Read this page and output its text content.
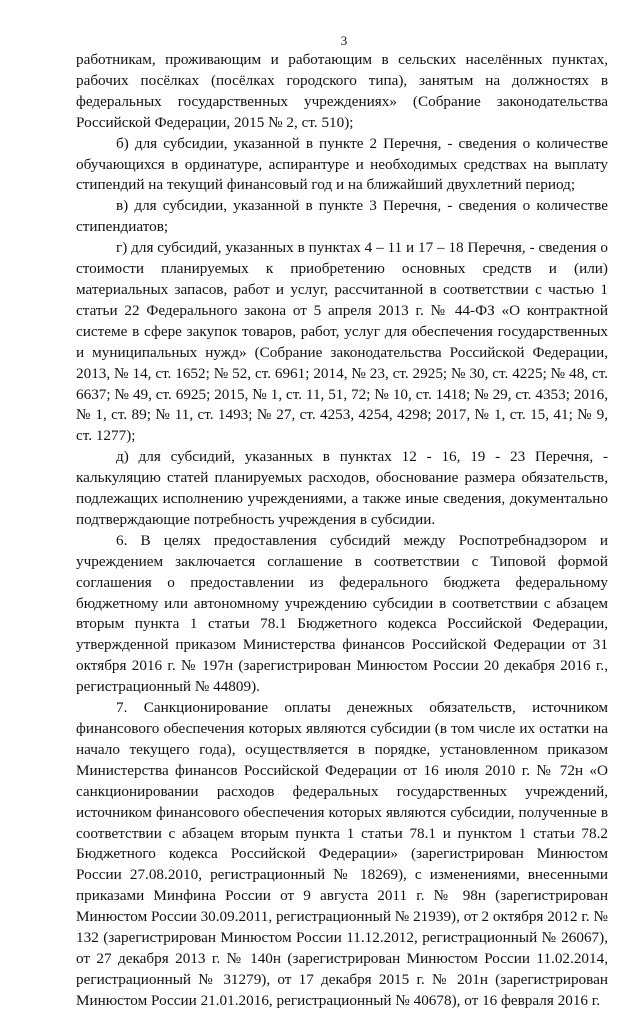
3

работникам, проживающим и работающим в сельских населённых пунктах, рабочих посёлках (посёлках городского типа), занятым на должностях в федеральных государственных учреждениях» (Собрание законодательства Российской Федерации, 2015 № 2, ст. 510);

б) для субсидии, указанной в пункте 2 Перечня, - сведения о количестве обучающихся в ординатуре, аспирантуре и необходимых средствах на выплату стипендий на текущий финансовый год и на ближайший двухлетний период;

в) для субсидии, указанной в пункте 3 Перечня, - сведения о количестве стипендиатов;

г) для субсидий, указанных в пунктах 4 – 11 и 17 – 18 Перечня, - сведения о стоимости планируемых к приобретению основных средств и (или) материальных запасов, работ и услуг, рассчитанной в соответствии с частью 1 статьи 22 Федерального закона от 5 апреля 2013 г. № 44-ФЗ «О контрактной системе в сфере закупок товаров, работ, услуг для обеспечения государственных и муниципальных нужд» (Собрание законодательства Российской Федерации, 2013, № 14, ст. 1652; № 52, ст. 6961; 2014, № 23, ст. 2925; № 30, ст. 4225; № 48, ст. 6637; № 49, ст. 6925; 2015, № 1, ст. 11, 51, 72; № 10, ст. 1418; № 29, ст. 4353; 2016, № 1, ст. 89; № 11, ст. 1493; № 27, ст. 4253, 4254, 4298; 2017, № 1, ст. 15, 41; № 9, ст. 1277);

д) для субсидий, указанных в пунктах 12 - 16, 19 - 23 Перечня, - калькуляцию статей планируемых расходов, обоснование размера обязательств, подлежащих исполнению учреждениями, а также иные сведения, документально подтверждающие потребность учреждения в субсидии.

6. В целях предоставления субсидий между Роспотребнадзором и учреждением заключается соглашение в соответствии с Типовой формой соглашения о предоставлении из федерального бюджета федеральному бюджетному или автономному учреждению субсидии в соответствии с абзацем вторым пункта 1 статьи 78.1 Бюджетного кодекса Российской Федерации, утвержденной приказом Министерства финансов Российской Федерации от 31 октября 2016 г. № 197н (зарегистрирован Минюстом России 20 декабря 2016 г., регистрационный № 44809).

7. Санкционирование оплаты денежных обязательств, источником финансового обеспечения которых являются субсидии (в том числе их остатки на начало текущего года), осуществляется в порядке, установленном приказом Министерства финансов Российской Федерации от 16 июля 2010 г. № 72н «О санкционировании расходов федеральных государственных учреждений, источником финансового обеспечения которых являются субсидии, полученные в соответствии с абзацем вторым пункта 1 статьи 78.1 и пунктом 1 статьи 78.2 Бюджетного кодекса Российской Федерации» (зарегистрирован Минюстом России 27.08.2010, регистрационный № 18269), с изменениями, внесенными приказами Минфина России от 9 августа 2011 г. № 98н (зарегистрирован Минюстом России 30.09.2011, регистрационный № 21939), от 2 октября 2012 г. № 132 (зарегистрирован Минюстом России 11.12.2012, регистрационный № 26067), от 27 декабря 2013 г. № 140н (зарегистрирован Минюстом России 11.02.2014, регистрационный № 31279), от 17 декабря 2015 г. № 201н (зарегистрирован Минюстом России 21.01.2016, регистрационный № 40678), от 16 февраля 2016 г.
